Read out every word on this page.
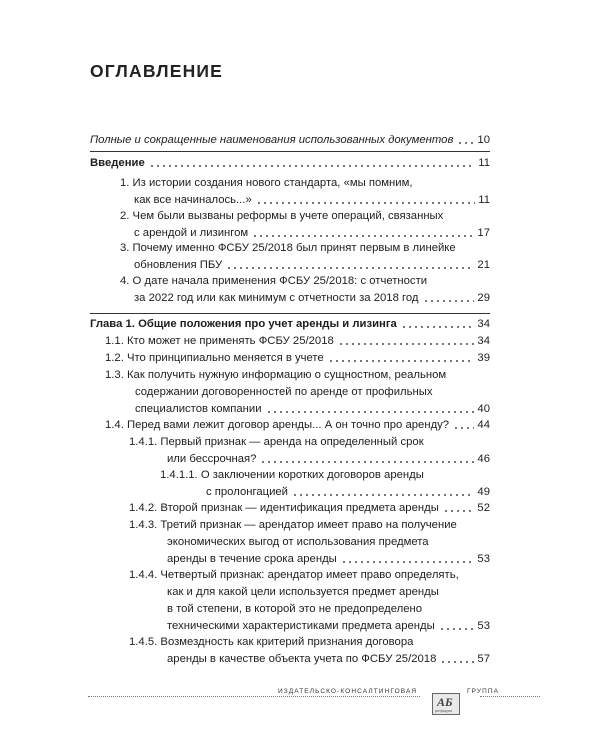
ОГЛАВЛЕНИЕ
Полные и сокращенные наименования использованных документов 10
Введение	11
1. Из истории создания нового стандарта, «мы помним,
как все начиналось...»	11
2. Чем были вызваны реформы в учете операций, связанных
с арендой и лизингом	17
3. Почему именно ФСБУ 25/2018 был принят первым в линейке
обновления ПБУ	21
4. О дате начала применения ФСБУ 25/2018: с отчетности
за 2022 год или как минимум с отчетности за 2018 год	29
Глава 1. Общие положения про учет аренды и лизинга	34
1.1. Кто может не применять ФСБУ 25/2018	34
1.2. Что принципиально меняется в учете	39
1.3. Как получить нужную информацию о сущностном, реальном
содержании договоренностей по аренде от профильных
специалистов компании	40
1.4. Перед вами лежит договор аренды... А он точно про аренду?	44
1.4.1. Первый признак — аренда на определенный срок
или бессрочная?	46
1.4.1.1. О заключении коротких договоров аренды
с пролонгацией	49
1.4.2. Второй признак — идентификация предмета аренды	52
1.4.3. Третий признак — арендатор имеет право на получение
экономических выгод от использования предмета
аренды в течение срока аренды	53
1.4.4. Четвертый признак: арендатор имеет право определять,
как и для какой цели используется предмет аренды
в той степени, в которой это не предопределено
техническими характеристиками предмета аренды	53
1.4.5. Возмездность как критерий признания договора
аренды в качестве объекта учета по ФСБУ 25/2018	57
ИЗДАТЕЛЬСКО-КОНСАЛТИНГОВАЯ	ГРУППА
АБ
рефорум
